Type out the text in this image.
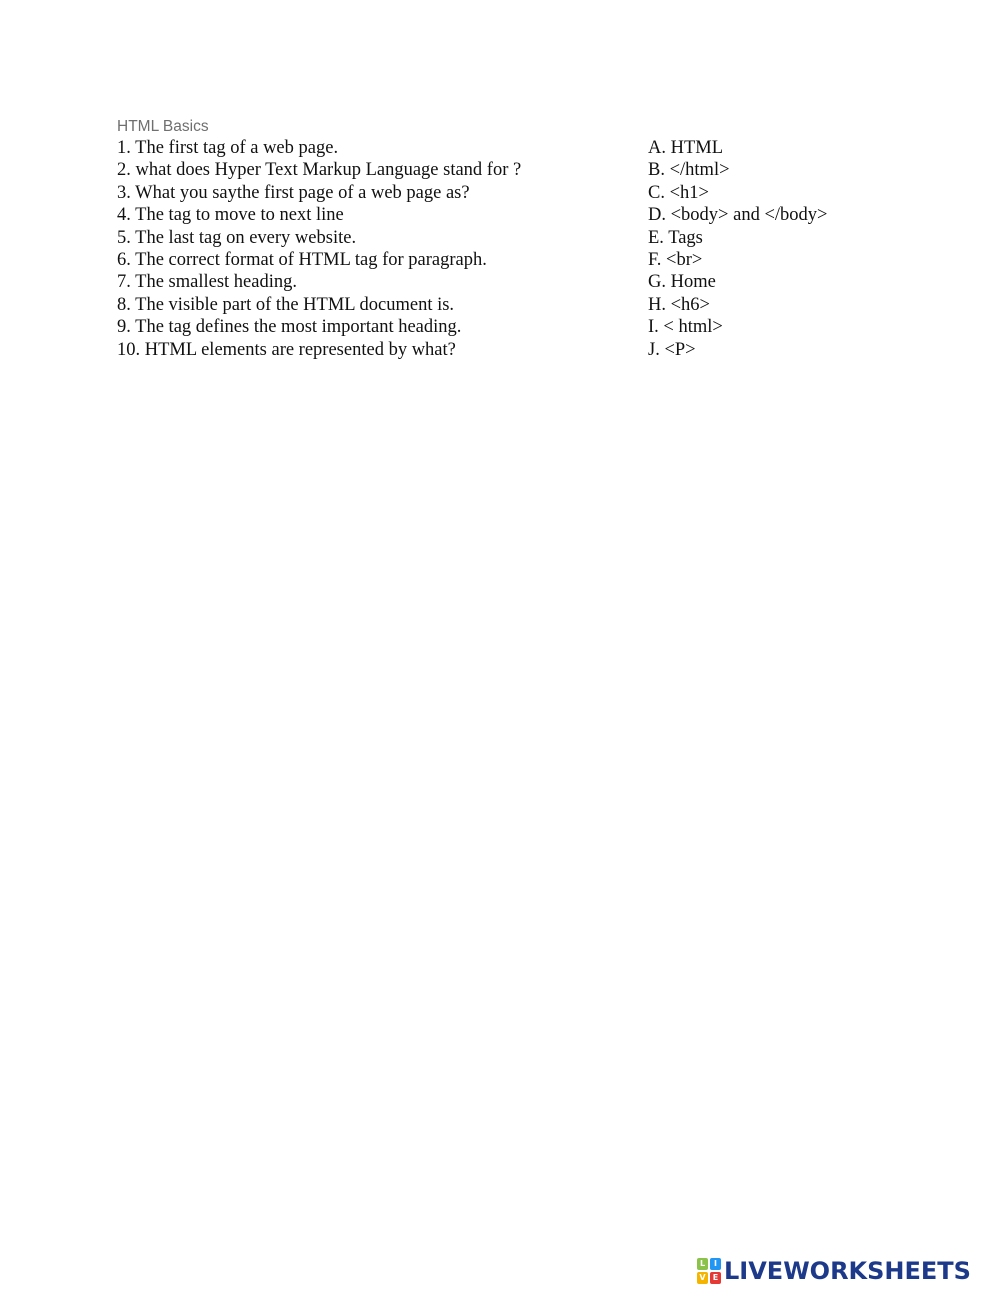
HTML Basics
1. The first tag of a web page.
2. what does Hyper Text Markup Language stand for ?
3. What you saythe first page of a web page as?
4. The tag to move to next line
5. The last tag on every website.
6. The correct format of HTML tag for paragraph.
7. The smallest heading.
8. The visible part of the HTML document is.
9. The tag defines the most important heading.
10. HTML elements are represented by what?
A. HTML
B. </html>
C. <h1>
D. <body> and </body>
E. Tags
F. <br>
G. Home
H. <h6>
I. < html>
J. <P>
L	I
V E LIVEWORKSHEETS
